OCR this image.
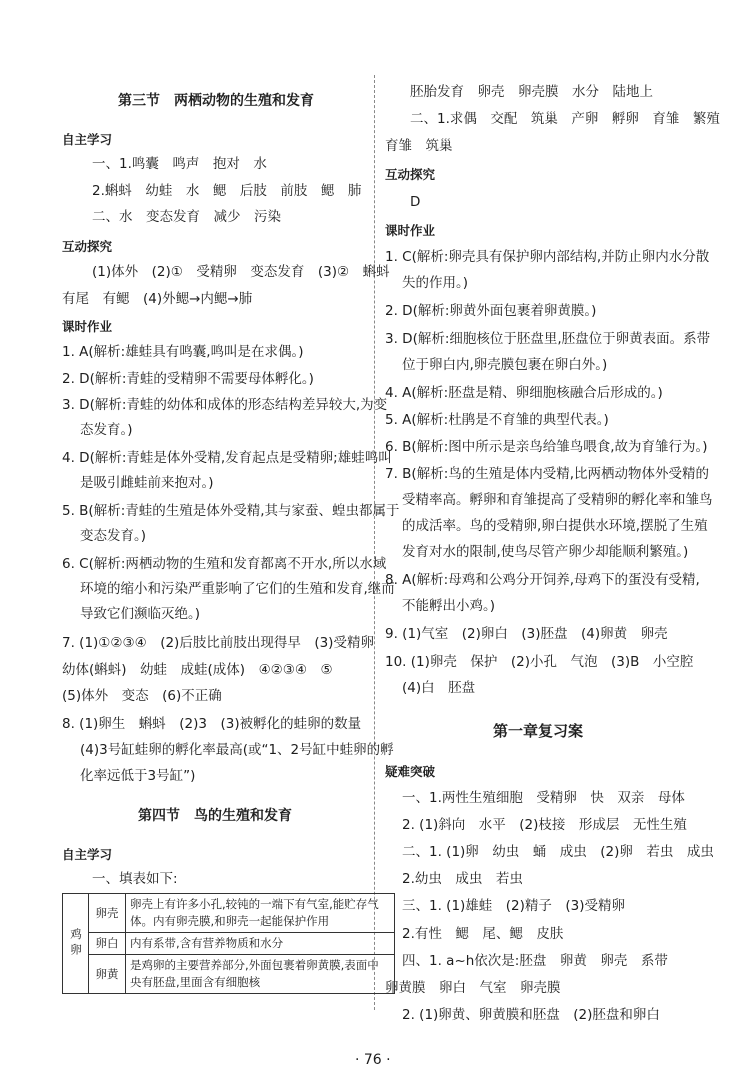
第三节　两栖动物的生殖和发育
自主学习
一、1.鸣囊　鸣声　抱对　水
2.蝌蚪　幼蛙　水　鳃　后肢　前肢　鳃　肺
二、水　变态发育　减少　污染
互动探究
(1)体外　(2)①　受精卵　变态发育　(3)②　蝌蚪
有尾　有鳃　(4)外鳃→内鳃→肺
课时作业
1. A(解析:雄蛙具有鸣囊,鸣叫是在求偶。)
2. D(解析:青蛙的受精卵不需要母体孵化。)
3. D(解析:青蛙的幼体和成体的形态结构差异较大,为变
态发育。)
4. D(解析:青蛙是体外受精,发育起点是受精卵;雄蛙鸣叫
是吸引雌蛙前来抱对。)
5. B(解析:青蛙的生殖是体外受精,其与家蚕、蝗虫都属于
变态发育。)
6. C(解析:两栖动物的生殖和发育都离不开水,所以水域
环境的缩小和污染严重影响了它们的生殖和发育,继而
导致它们濒临灭绝。)
7. (1)①②③④　(2)后肢比前肢出现得早　(3)受精卵
幼体(蝌蚪)　幼蛙　成蛙(成体)　④②③④　⑤
(5)体外　变态　(6)不正确
8. (1)卵生　蝌蚪　(2)3　(3)被孵化的蛙卵的数量
(4)3号缸蛙卵的孵化率最高(或“1、2号缸中蛙卵的孵
化率远低于3号缸”)
第四节　鸟的生殖和发育
自主学习
一、填表如下:
鸡卵	卵壳	卵壳上有许多小孔,较钝的一端下有气室,能贮存气体。内有卵壳膜,和卵壳一起能保护作用
	卵白	内有系带,含有营养物质和水分
	卵黄	是鸡卵的主要营养部分,外面包裹着卵黄膜,表面中央有胚盘,里面含有细胞核
胚胎发育　卵壳　卵壳膜　水分　陆地上
二、1.求偶　交配　筑巢　产卵　孵卵　育雏　繁殖
育雏　筑巢
互动探究
D
课时作业
1. C(解析:卵壳具有保护卵内部结构,并防止卵内水分散
失的作用。)
2. D(解析:卵黄外面包裹着卵黄膜。)
3. D(解析:细胞核位于胚盘里,胚盘位于卵黄表面。系带
位于卵白内,卵壳膜包裹在卵白外。)
4. A(解析:胚盘是精、卵细胞核融合后形成的。)
5. A(解析:杜鹃是不育雏的典型代表。)
6. B(解析:图中所示是亲鸟给雏鸟喂食,故为育雏行为。)
7. B(解析:鸟的生殖是体内受精,比两栖动物体外受精的
受精率高。孵卵和育雏提高了受精卵的孵化率和雏鸟
的成活率。鸟的受精卵,卵白提供水环境,摆脱了生殖
发育对水的限制,使鸟尽管产卵少却能顺利繁殖。)
8. A(解析:母鸡和公鸡分开饲养,母鸡下的蛋没有受精,
不能孵出小鸡。)
9. (1)气室　(2)卵白　(3)胚盘　(4)卵黄　卵壳
10. (1)卵壳　保护　(2)小孔　气泡　(3)B　小空腔
(4)白　胚盘
第一章复习案
疑难突破
一、1.两性生殖细胞　受精卵　快　双亲　母体
2. (1)斜向　水平　(2)枝接　形成层　无性生殖
二、1. (1)卵　幼虫　蛹　成虫　(2)卵　若虫　成虫
2.幼虫　成虫　若虫
三、1. (1)雄蛙　(2)精子　(3)受精卵
2.有性　鳃　尾、鳃　皮肤
四、1. a~h依次是:胚盘　卵黄　卵壳　系带
卵黄膜　卵白　气室　卵壳膜
2. (1)卵黄、卵黄膜和胚盘　(2)胚盘和卵白
· 76 ·
